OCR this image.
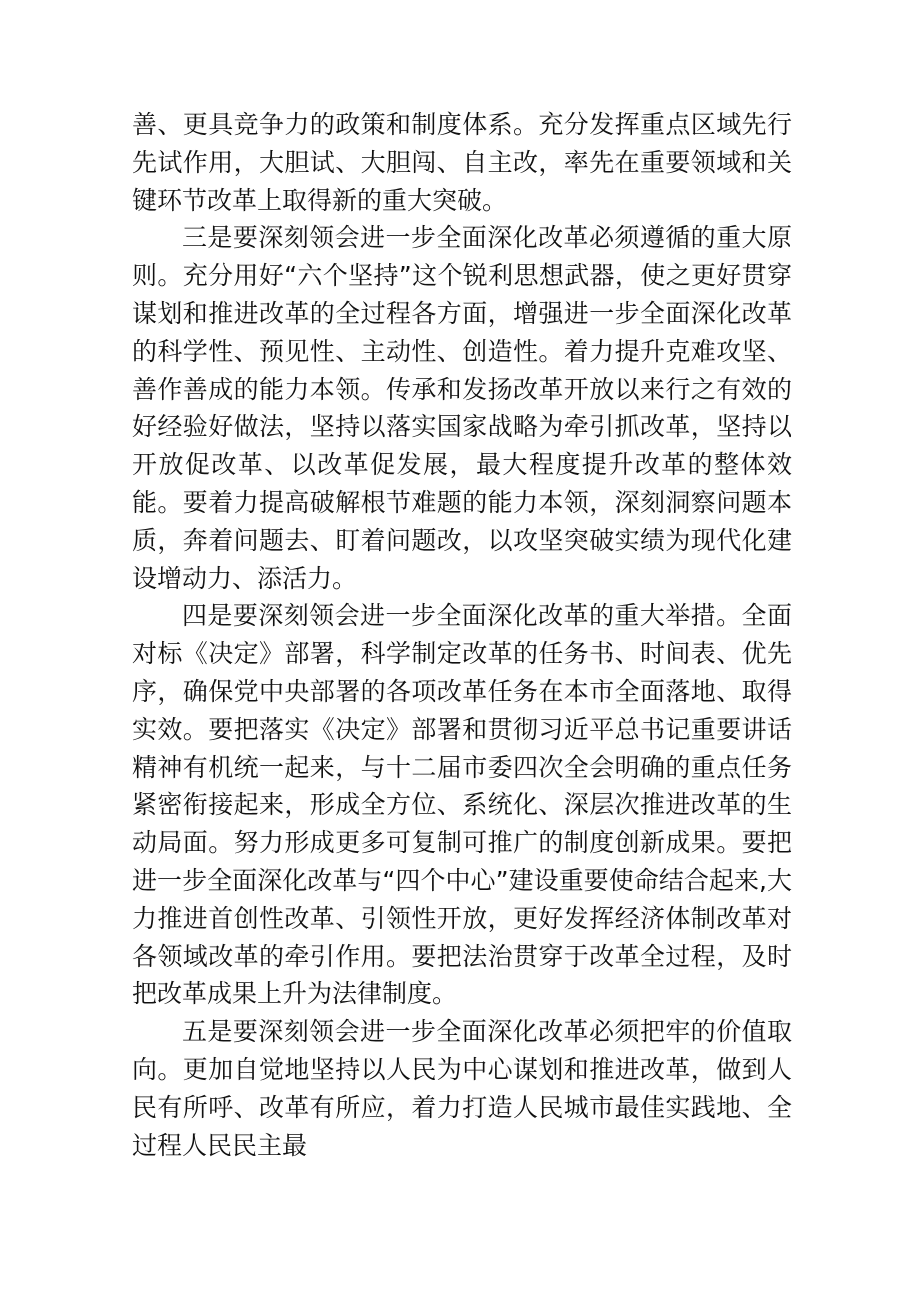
善、更具竞争力的政策和制度体系。充分发挥重点区域先行先试作用，大胆试、大胆闯、自主改，率先在重要领域和关键环节改革上取得新的重大突破。

三是要深刻领会进一步全面深化改革必须遵循的重大原则。充分用好“六个坚持”这个锐利思想武器，使之更好贯穿谋划和推进改革的全过程各方面，增强进一步全面深化改革的科学性、预见性、主动性、创造性。着力提升克难攻坚、善作善成的能力本领。传承和发扬改革开放以来行之有效的好经验好做法，坚持以落实国家战略为牵引抓改革，坚持以开放促改革、以改革促发展，最大程度提升改革的整体效能。要着力提高破解根节难题的能力本领，深刻洞察问题本质，奔着问题去、盯着问题改，以攻坚突破实绩为现代化建设增动力、添活力。

四是要深刻领会进一步全面深化改革的重大举措。全面对标《决定》部署，科学制定改革的任务书、时间表、优先序，确保党中央部署的各项改革任务在本市全面落地、取得实效。要把落实《决定》部署和贯彻习近平总书记重要讲话精神有机统一起来，与十二届市委四次全会明确的重点任务紧密衔接起来，形成全方位、系统化、深层次推进改革的生动局面。努力形成更多可复制可推广的制度创新成果。要把进一步全面深化改革与“四个中心”建设重要使命结合起来,大力推进首创性改革、引领性开放，更好发挥经济体制改革对各领域改革的牵引作用。要把法治贯穿于改革全过程，及时把改革成果上升为法律制度。

五是要深刻领会进一步全面深化改革必须把牢的价值取向。更加自觉地坚持以人民为中心谋划和推进改革，做到人民有所呼、改革有所应，着力打造人民城市最佳实践地、全过程人民民主最
